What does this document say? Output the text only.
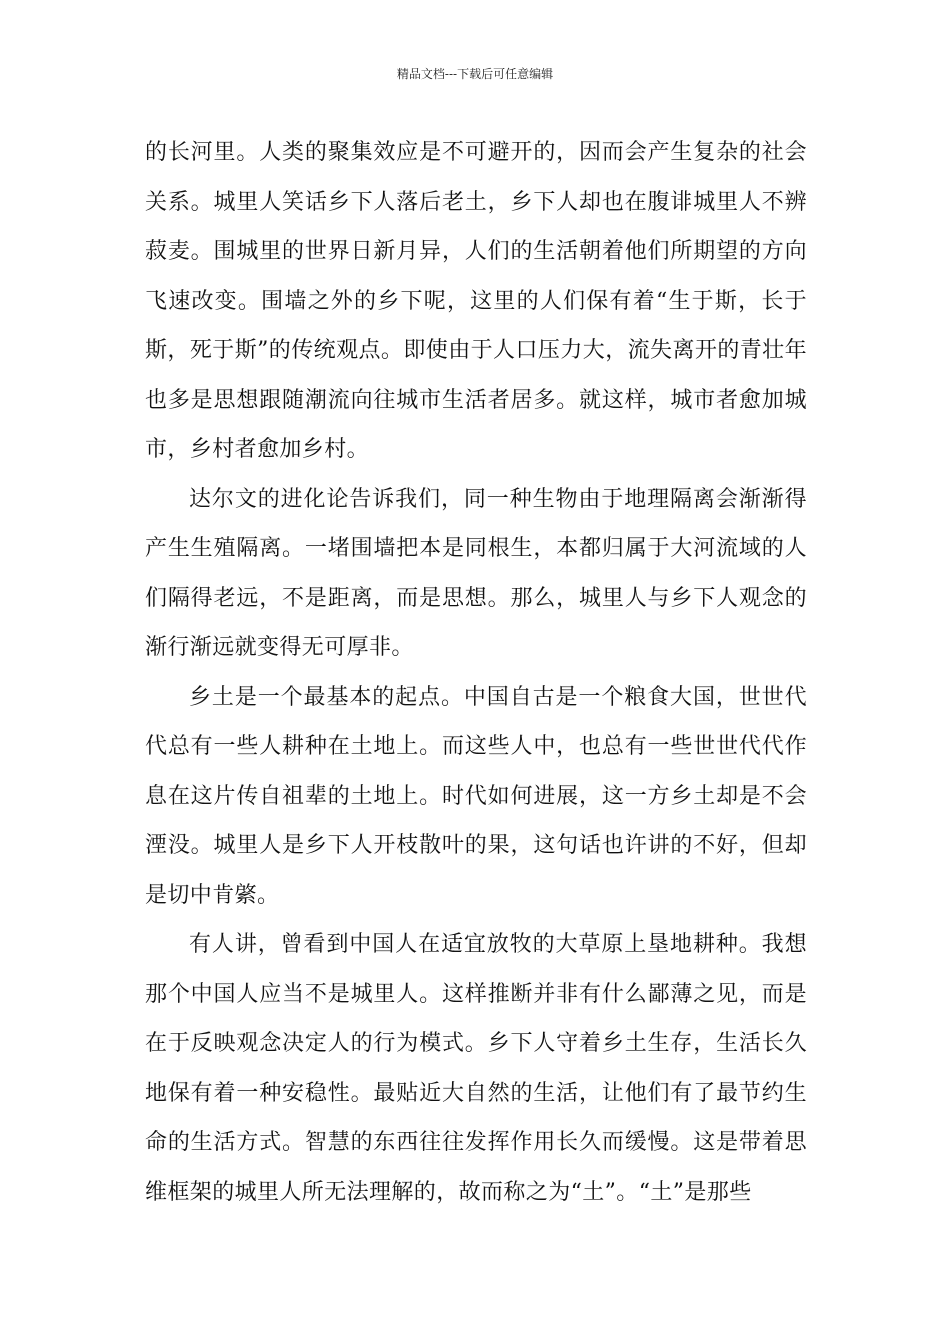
精品文档---下载后可任意编辑

的长河里。人类的聚集效应是不可避开的，因而会产生复杂的社会关系。城里人笑话乡下人落后老土，乡下人却也在腹诽城里人不辨菽麦。围城里的世界日新月异，人们的生活朝着他们所期望的方向飞速改变。围墙之外的乡下呢，这里的人们保有着“生于斯，长于斯，死于斯”的传统观点。即使由于人口压力大，流失离开的青壮年也多是思想跟随潮流向往城市生活者居多。就这样，城市者愈加城市，乡村者愈加乡村。

达尔文的进化论告诉我们，同一种生物由于地理隔离会渐渐得产生生殖隔离。一堵围墙把本是同根生，本都归属于大河流域的人们隔得老远，不是距离，而是思想。那么，城里人与乡下人观念的渐行渐远就变得无可厚非。

乡土是一个最基本的起点。中国自古是一个粮食大国，世世代代总有一些人耕种在土地上。而这些人中，也总有一些世世代代作息在这片传自祖辈的土地上。时代如何进展，这一方乡土却是不会湮没。城里人是乡下人开枝散叶的果，这句话也许讲的不好，但却是切中肯綮。

有人讲，曾看到中国人在适宜放牧的大草原上垦地耕种。我想那个中国人应当不是城里人。这样推断并非有什么鄙薄之见，而是在于反映观念决定人的行为模式。乡下人守着乡土生存，生活长久地保有着一种安稳性。最贴近大自然的生活，让他们有了最节约生命的生活方式。智慧的东西往往发挥作用长久而缓慢。这是带着思维框架的城里人所无法理解的，故而称之为“土”。“土”是那些
